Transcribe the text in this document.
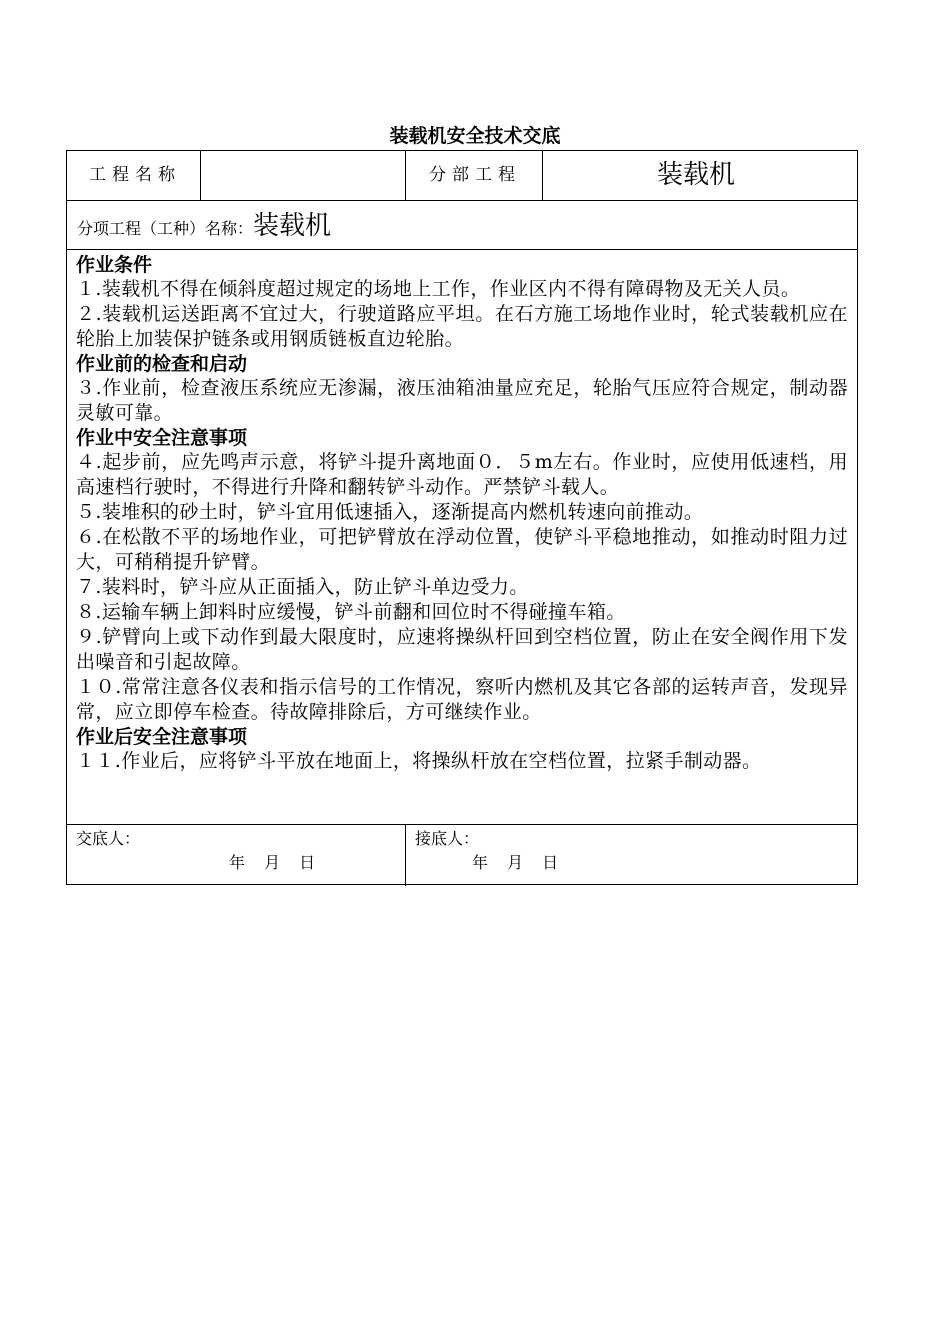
装载机安全技术交底
工程名称	分部工程	装载机
分项工程（工种）名称：装载机
作业条件
１.装载机不得在倾斜度超过规定的场地上工作，作业区内不得有障碍物及无关人员。
２.装载机运送距离不宜过大，行驶道路应平坦。在石方施工场地作业时，轮式装载机应在轮胎上加装保护链条或用钢质链板直边轮胎。
作业前的检查和启动
３.作业前，检查液压系统应无渗漏，液压油箱油量应充足，轮胎气压应符合规定，制动器灵敏可靠。
作业中安全注意事项
４.起步前，应先鸣声示意，将铲斗提升离地面０．５m左右。作业时，应使用低速档，用高速档行驶时，不得进行升降和翻转铲斗动作。严禁铲斗载人。
５.装堆积的砂土时，铲斗宜用低速插入，逐渐提高内燃机转速向前推动。
６.在松散不平的场地作业，可把铲臂放在浮动位置，使铲斗平稳地推动，如推动时阻力过大，可稍稍提升铲臂。
７.装料时，铲斗应从正面插入，防止铲斗单边受力。
８.运输车辆上卸料时应缓慢，铲斗前翻和回位时不得碰撞车箱。
９.铲臂向上或下动作到最大限度时，应速将操纵杆回到空档位置，防止在安全阀作用下发出噪音和引起故障。
１０.常常注意各仪表和指示信号的工作情况，察听内燃机及其它各部的运转声音，发现异常，应立即停车检查。待故障排除后，方可继续作业。
作业后安全注意事项
１１.作业后，应将铲斗平放在地面上，将操纵杆放在空档位置，拉紧手制动器。
交底人：
年 月 日
接底人：
年 月 日
